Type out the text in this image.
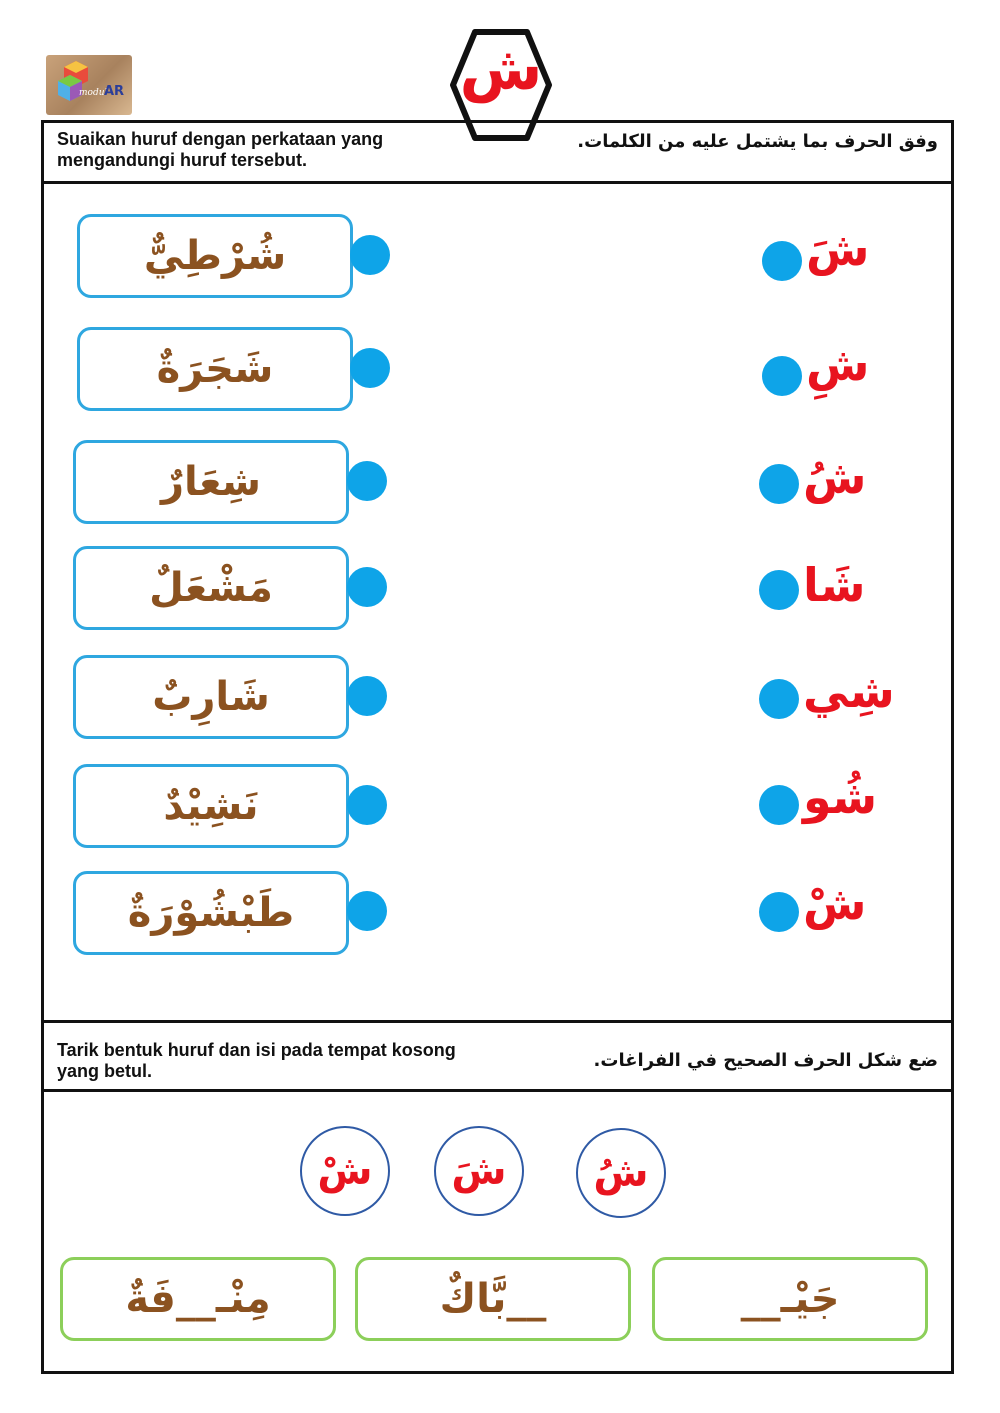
modul
AR	ش
Suaikan huruf dengan perkataan yang mengandungi huruf tersebut.
وفق الحرف بما يشتمل عليه من الكلمات.
شُرْطِيٌّ
شَجَرَةٌ
شِعَارٌ
مَشْعَلٌ
شَارِبٌ
نَشِيْدٌ
طَبْشُوْرَةٌ
شَ
شِ
شُ
شَا
شِي
شُو
شْ
Tarik bentuk huruf dan isi pada tempat kosong yang betul.	ضع شكل الحرف الصحيح في الفراغات.
شْ شَ شُ
مِنْـ__فَةٌ	__بَّاكٌ	جَيْـ__
